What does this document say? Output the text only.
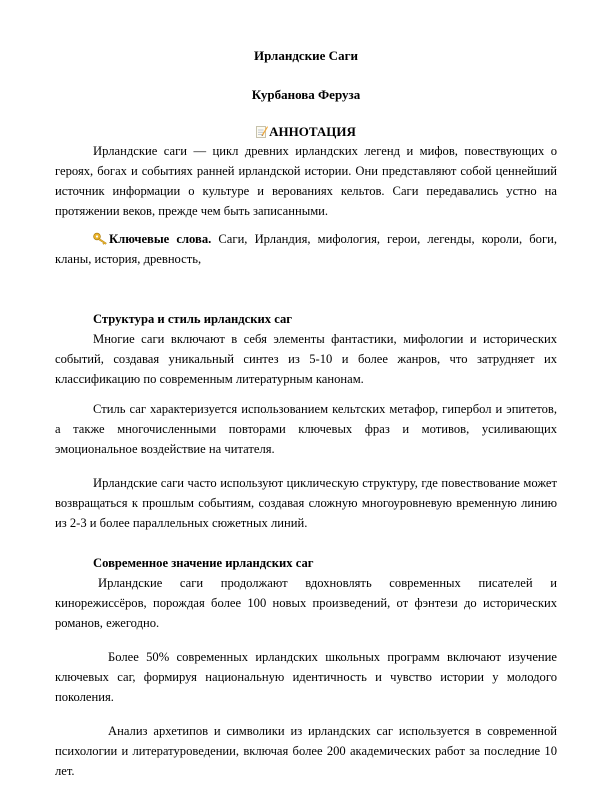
Ирландские Саги
Курбанова Феруза
АННОТАЦИЯ

Ирландские саги — цикл древних ирландских легенд и мифов, повествующих о героях, богах и событиях ранней ирландской истории. Они представляют собой ценнейший источник информации о культуре и верованиях кельтов. Саги передавались устно на протяжении веков, прежде чем быть записанными.

Ключевые слова. Саги, Ирландия, мифология, герои, легенды, короли, боги, кланы, история, древность,

Структура и стиль ирландских саг

Многие саги включают в себя элементы фантастики, мифологии и исторических событий, создавая уникальный синтез из 5-10 и более жанров, что затрудняет их классификацию по современным литературным канонам.

Стиль саг характеризуется использованием кельтских метафор, гипербол и эпитетов, а также многочисленными повторами ключевых фраз и мотивов, усиливающих эмоциональное воздействие на читателя.

Ирландские саги часто используют циклическую структуру, где повествование может возвращаться к прошлым событиям, создавая сложную многоуровневую временную линию из 2-3 и более параллельных сюжетных линий.

Современное значение ирландских саг

Ирландские саги продолжают вдохновлять современных писателей и кинорежиссёров, порождая более 100 новых произведений, от фэнтези до исторических романов, ежегодно.

Более 50% современных ирландских школьных программ включают изучение ключевых саг, формируя национальную идентичность и чувство истории у молодого поколения.

Анализ архетипов и символики из ирландских саг используется в современной психологии и литературоведении, включая более 200 академических работ за последние 10 лет.
